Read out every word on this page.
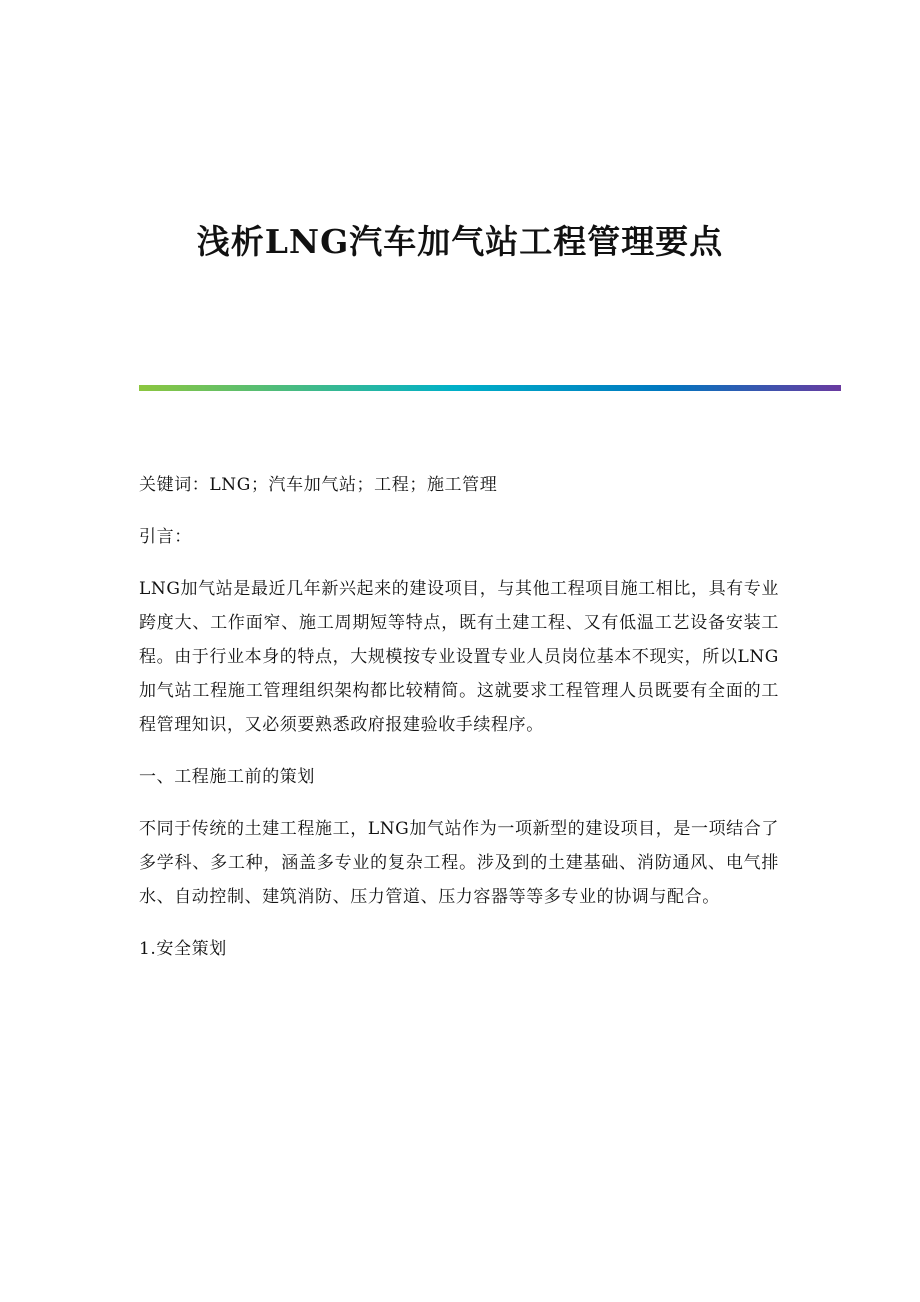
浅析LNG汽车加气站工程管理要点

关键词：LNG；汽车加气站；工程；施工管理

引言：

LNG加气站是最近几年新兴起来的建设项目，与其他工程项目施工相比，具有专业跨度大、工作面窄、施工周期短等特点，既有土建工程、又有低温工艺设备安装工程。由于行业本身的特点，大规模按专业设置专业人员岗位基本不现实，所以LNG加气站工程施工管理组织架构都比较精简。这就要求工程管理人员既要有全面的工程管理知识，又必须要熟悉政府报建验收手续程序。

一、工程施工前的策划

不同于传统的土建工程施工，LNG加气站作为一项新型的建设项目，是一项结合了多学科、多工种，涵盖多专业的复杂工程。涉及到的土建基础、消防通风、电气排水、自动控制、建筑消防、压力管道、压力容器等等多专业的协调与配合。

1.安全策划
